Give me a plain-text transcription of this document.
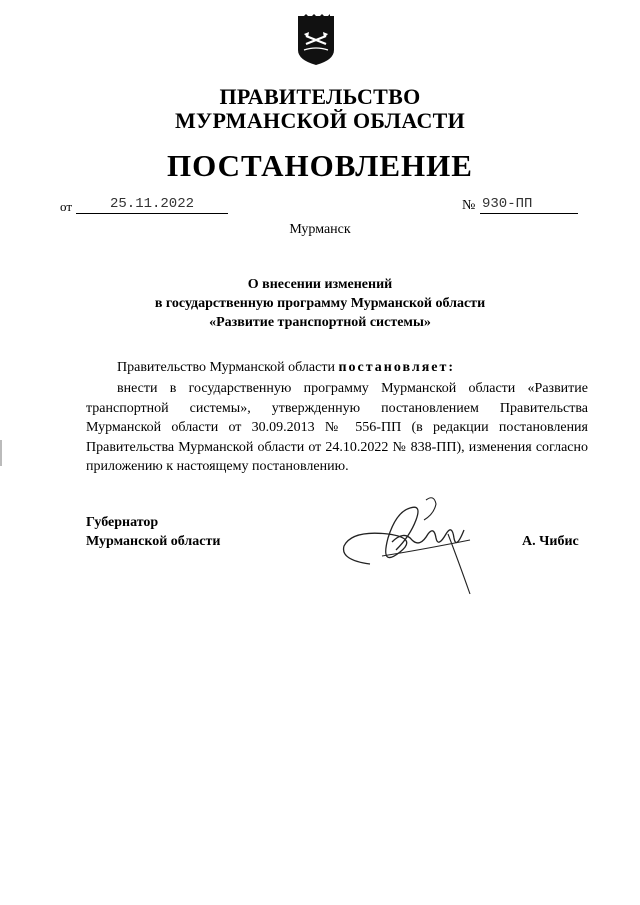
ПРАВИТЕЛЬСТВО
МУРМАНСКОЙ ОБЛАСТИ
ПОСТАНОВЛЕНИЕ
от	25.11.2022	№ 930-ПП
Мурманск
О внесении изменений
в государственную программу Мурманской области
«Развитие транспортной системы»
Правительство Мурманской области постановляет:
внести в государственную программу Мурманской области «Развитие транспортной системы», утвержденную постановлением Правительства Мурманской области от 30.09.2013 № 556-ПП (в редакции постановления Правительства Мурманской области от 24.10.2022 № 838-ПП), изменения согласно приложению к настоящему постановлению.
Губернатор
Мурманской области	А. Чибис
